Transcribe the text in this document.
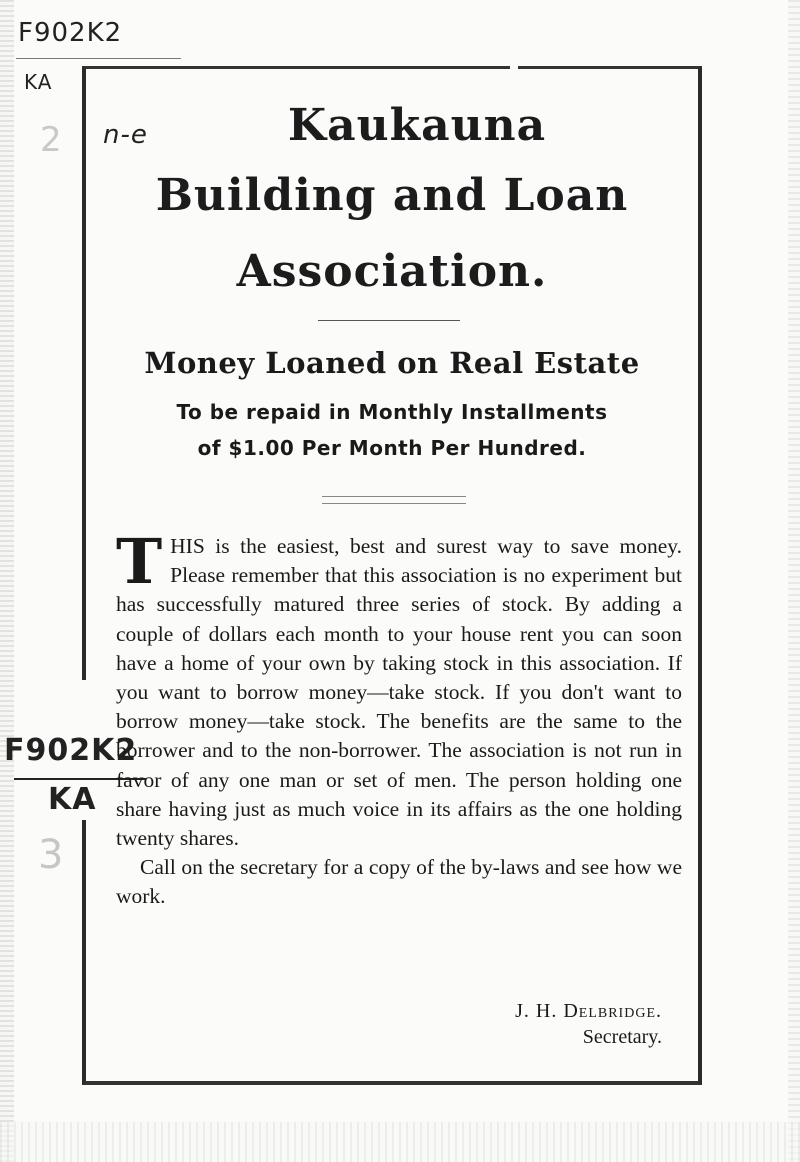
F902K2
KA
2 n-e
F902K2
KA
3
Kaukauna
Building and Loan
Association.
Money Loaned on Real Estate
To be repaid in Monthly Installments
of $1.00 Per Month Per Hundred.
T HIS is the easiest, best and surest way to save money. Please remember that this association is no experiment but has successfully matured three series of stock. By adding a couple of dollars each month to your house rent you can soon have a home of your own by taking stock in this association. If you want to borrow money—take stock. If you don't want to borrow money—take stock. The benefits are the same to the borrower and to the non-borrower. The association is not run in favor of any one man or set of men. The person holding one share having just as much voice in its affairs as the one holding twenty shares.

Call on the secretary for a copy of the by-laws and see how we work.

J. H. Delbridge.
Secretary.
